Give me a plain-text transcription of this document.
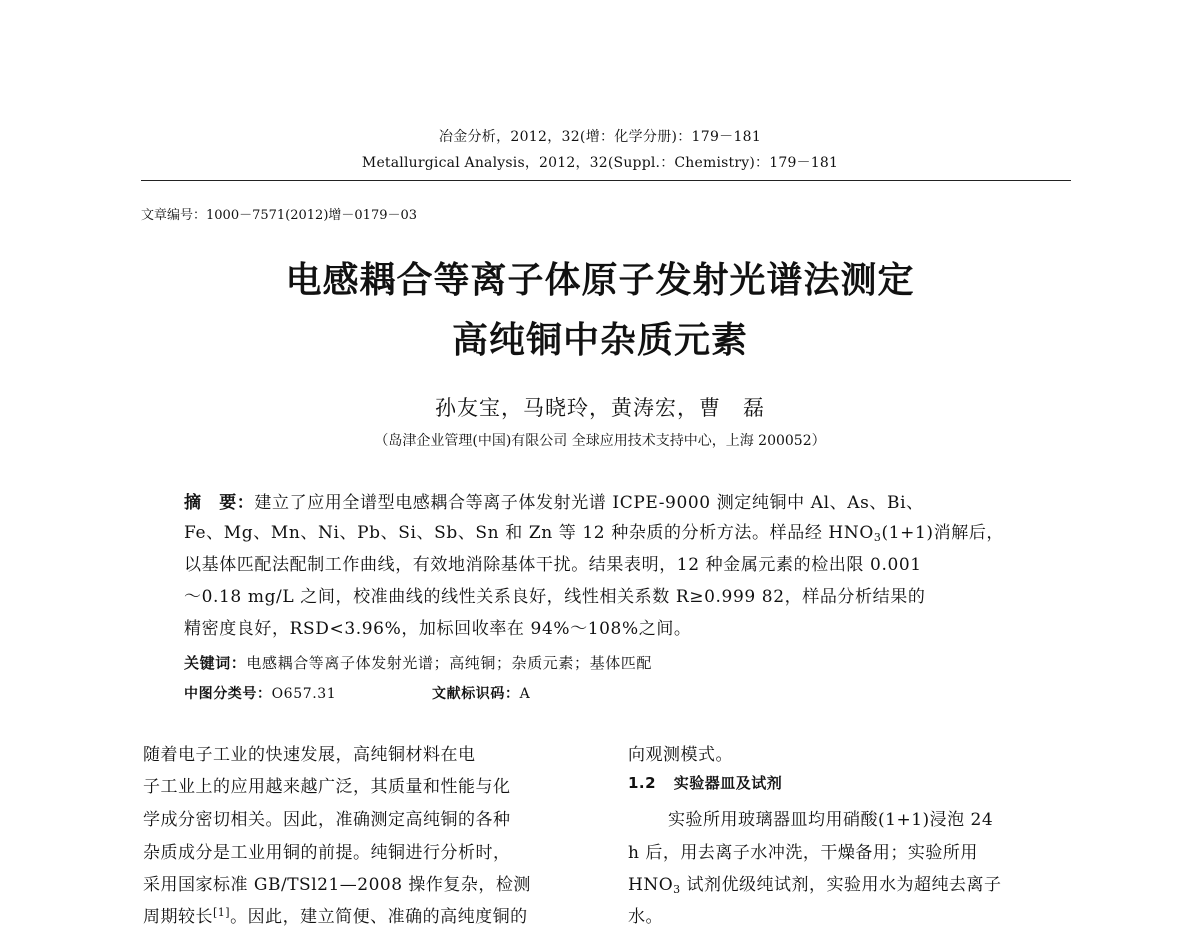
冶金分析，2012，32(增：化学分册)：179－181
Metallurgical Analysis，2012，32(Suppl.：Chemistry)：179－181
文章编号：1000－7571(2012)增－0179－03
电感耦合等离子体原子发射光谱法测定
高纯铜中杂质元素
孙友宝，马晓玲，黄涛宏，曹　磊
（岛津企业管理(中国)有限公司 全球应用技术支持中心，上海 200052）
摘　要：建立了应用全谱型电感耦合等离子体发射光谱 ICPE-9000 测定纯铜中 Al、As、Bi、
Fe、Mg、Mn、Ni、Pb、Si、Sb、Sn 和 Zn 等 12 种杂质的分析方法。样品经 $HNO_3(1+1)$消解后，
以基体匹配法配制工作曲线，有效地消除基体干扰。结果表明，12 种金属元素的检出限 0.001
～0.18 mg/L 之间，校准曲线的线性关系良好，线性相关系数 R≥0.999 82，样品分析结果的
精密度良好，RSD<3.96%，加标回收率在 94%～108%之间。
关键词：电感耦合等离子体发射光谱；高纯铜；杂质元素；基体匹配
中图分类号：O657.31	文献标识码：A
随着电子工业的快速发展，高纯铜材料在电
子工业上的应用越来越广泛，其质量和性能与化
学成分密切相关。因此，准确测定高纯铜的各种
杂质成分是工业用铜的前提。纯铜进行分析时，
采用国家标准 GB/TSl21—2008 操作复杂，检测
周期较长[1]。因此，建立简便、准确的高纯度铜的
向观测模式。
1.2 实验器皿及试剂
实验所用玻璃器皿均用硝酸(1+1)浸泡 24
h 后，用去离子水冲洗，干燥备用；实验所用
$HNO_3$ 试剂优级纯试剂，实验用水为超纯去离子
水。
